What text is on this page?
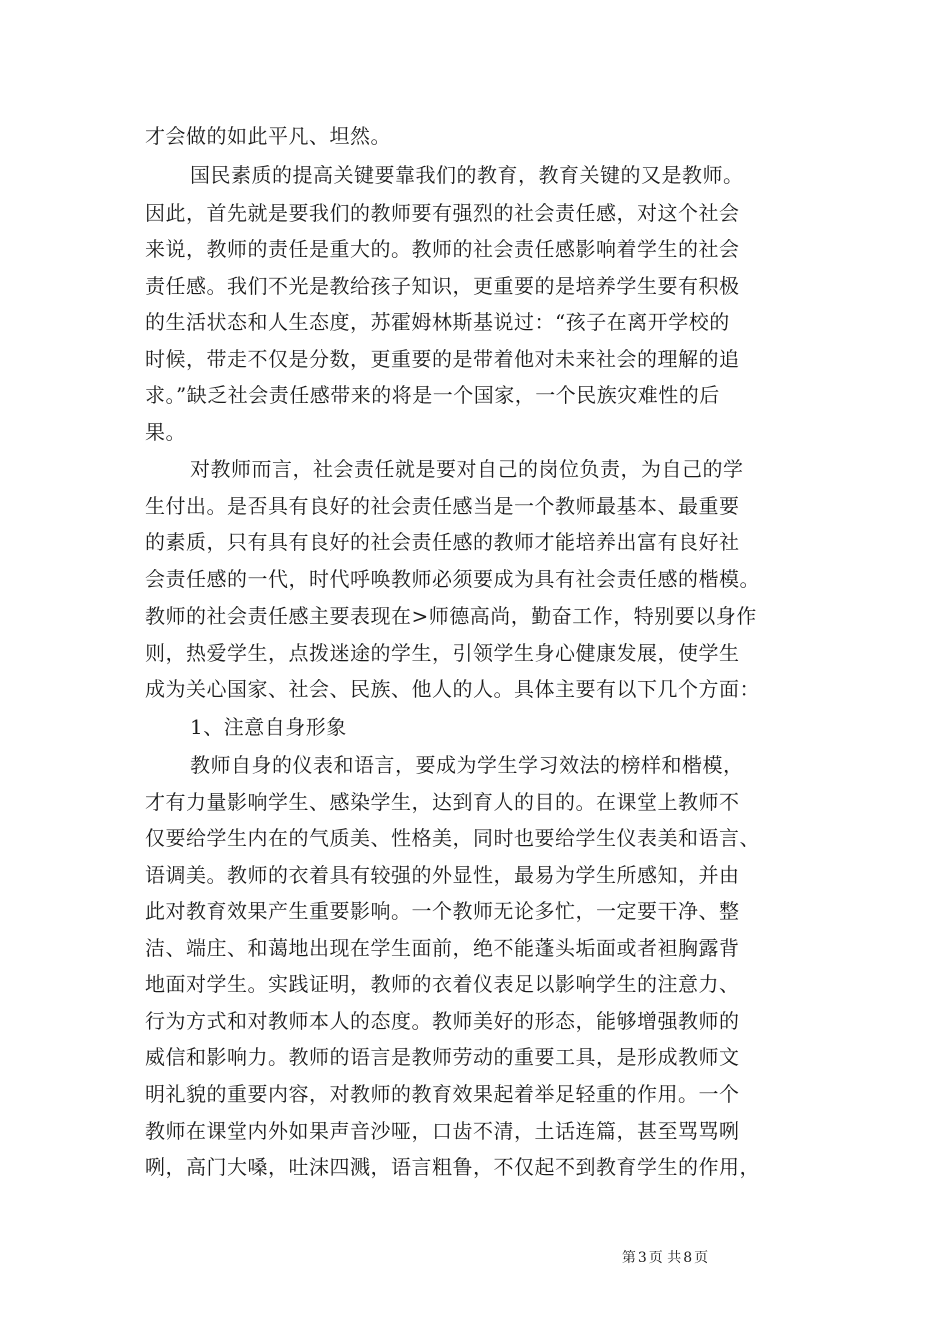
才会做的如此平凡、坦然。
国民素质的提高关键要靠我们的教育，教育关键的又是教师。
因此，首先就是要我们的教师要有强烈的社会责任感，对这个社会
来说，教师的责任是重大的。教师的社会责任感影响着学生的社会
责任感。我们不光是教给孩子知识，更重要的是培养学生要有积极
的生活状态和人生态度，苏霍姆林斯基说过：“孩子在离开学校的
时候，带走不仅是分数，更重要的是带着他对未来社会的理解的追
求。”缺乏社会责任感带来的将是一个国家，一个民族灾难性的后
果。
对教师而言，社会责任就是要对自己的岗位负责，为自己的学
生付出。是否具有良好的社会责任感当是一个教师最基本、最重要
的素质，只有具有良好的社会责任感的教师才能培养出富有良好社
会责任感的一代，时代呼唤教师必须要成为具有社会责任感的楷模。
教师的社会责任感主要表现在>师德高尚，勤奋工作，特别要以身作
则，热爱学生，点拨迷途的学生，引领学生身心健康发展，使学生
成为关心国家、社会、民族、他人的人。具体主要有以下几个方面：
1、注意自身形象
教师自身的仪表和语言，要成为学生学习效法的榜样和楷模，
才有力量影响学生、感染学生，达到育人的目的。在课堂上教师不
仅要给学生内在的气质美、性格美，同时也要给学生仪表美和语言、
语调美。教师的衣着具有较强的外显性，最易为学生所感知，并由
此对教育效果产生重要影响。一个教师无论多忙，一定要干净、整
洁、端庄、和蔼地出现在学生面前，绝不能蓬头垢面或者袒胸露背
地面对学生。实践证明，教师的衣着仪表足以影响学生的注意力、
行为方式和对教师本人的态度。教师美好的形态，能够增强教师的
威信和影响力。教师的语言是教师劳动的重要工具，是形成教师文
明礼貌的重要内容，对教师的教育效果起着举足轻重的作用。一个
教师在课堂内外如果声音沙哑，口齿不清，土话连篇，甚至骂骂咧
咧，高门大嗓，吐沫四溅，语言粗鲁，不仅起不到教育学生的作用，
第 3 页 共 8 页
